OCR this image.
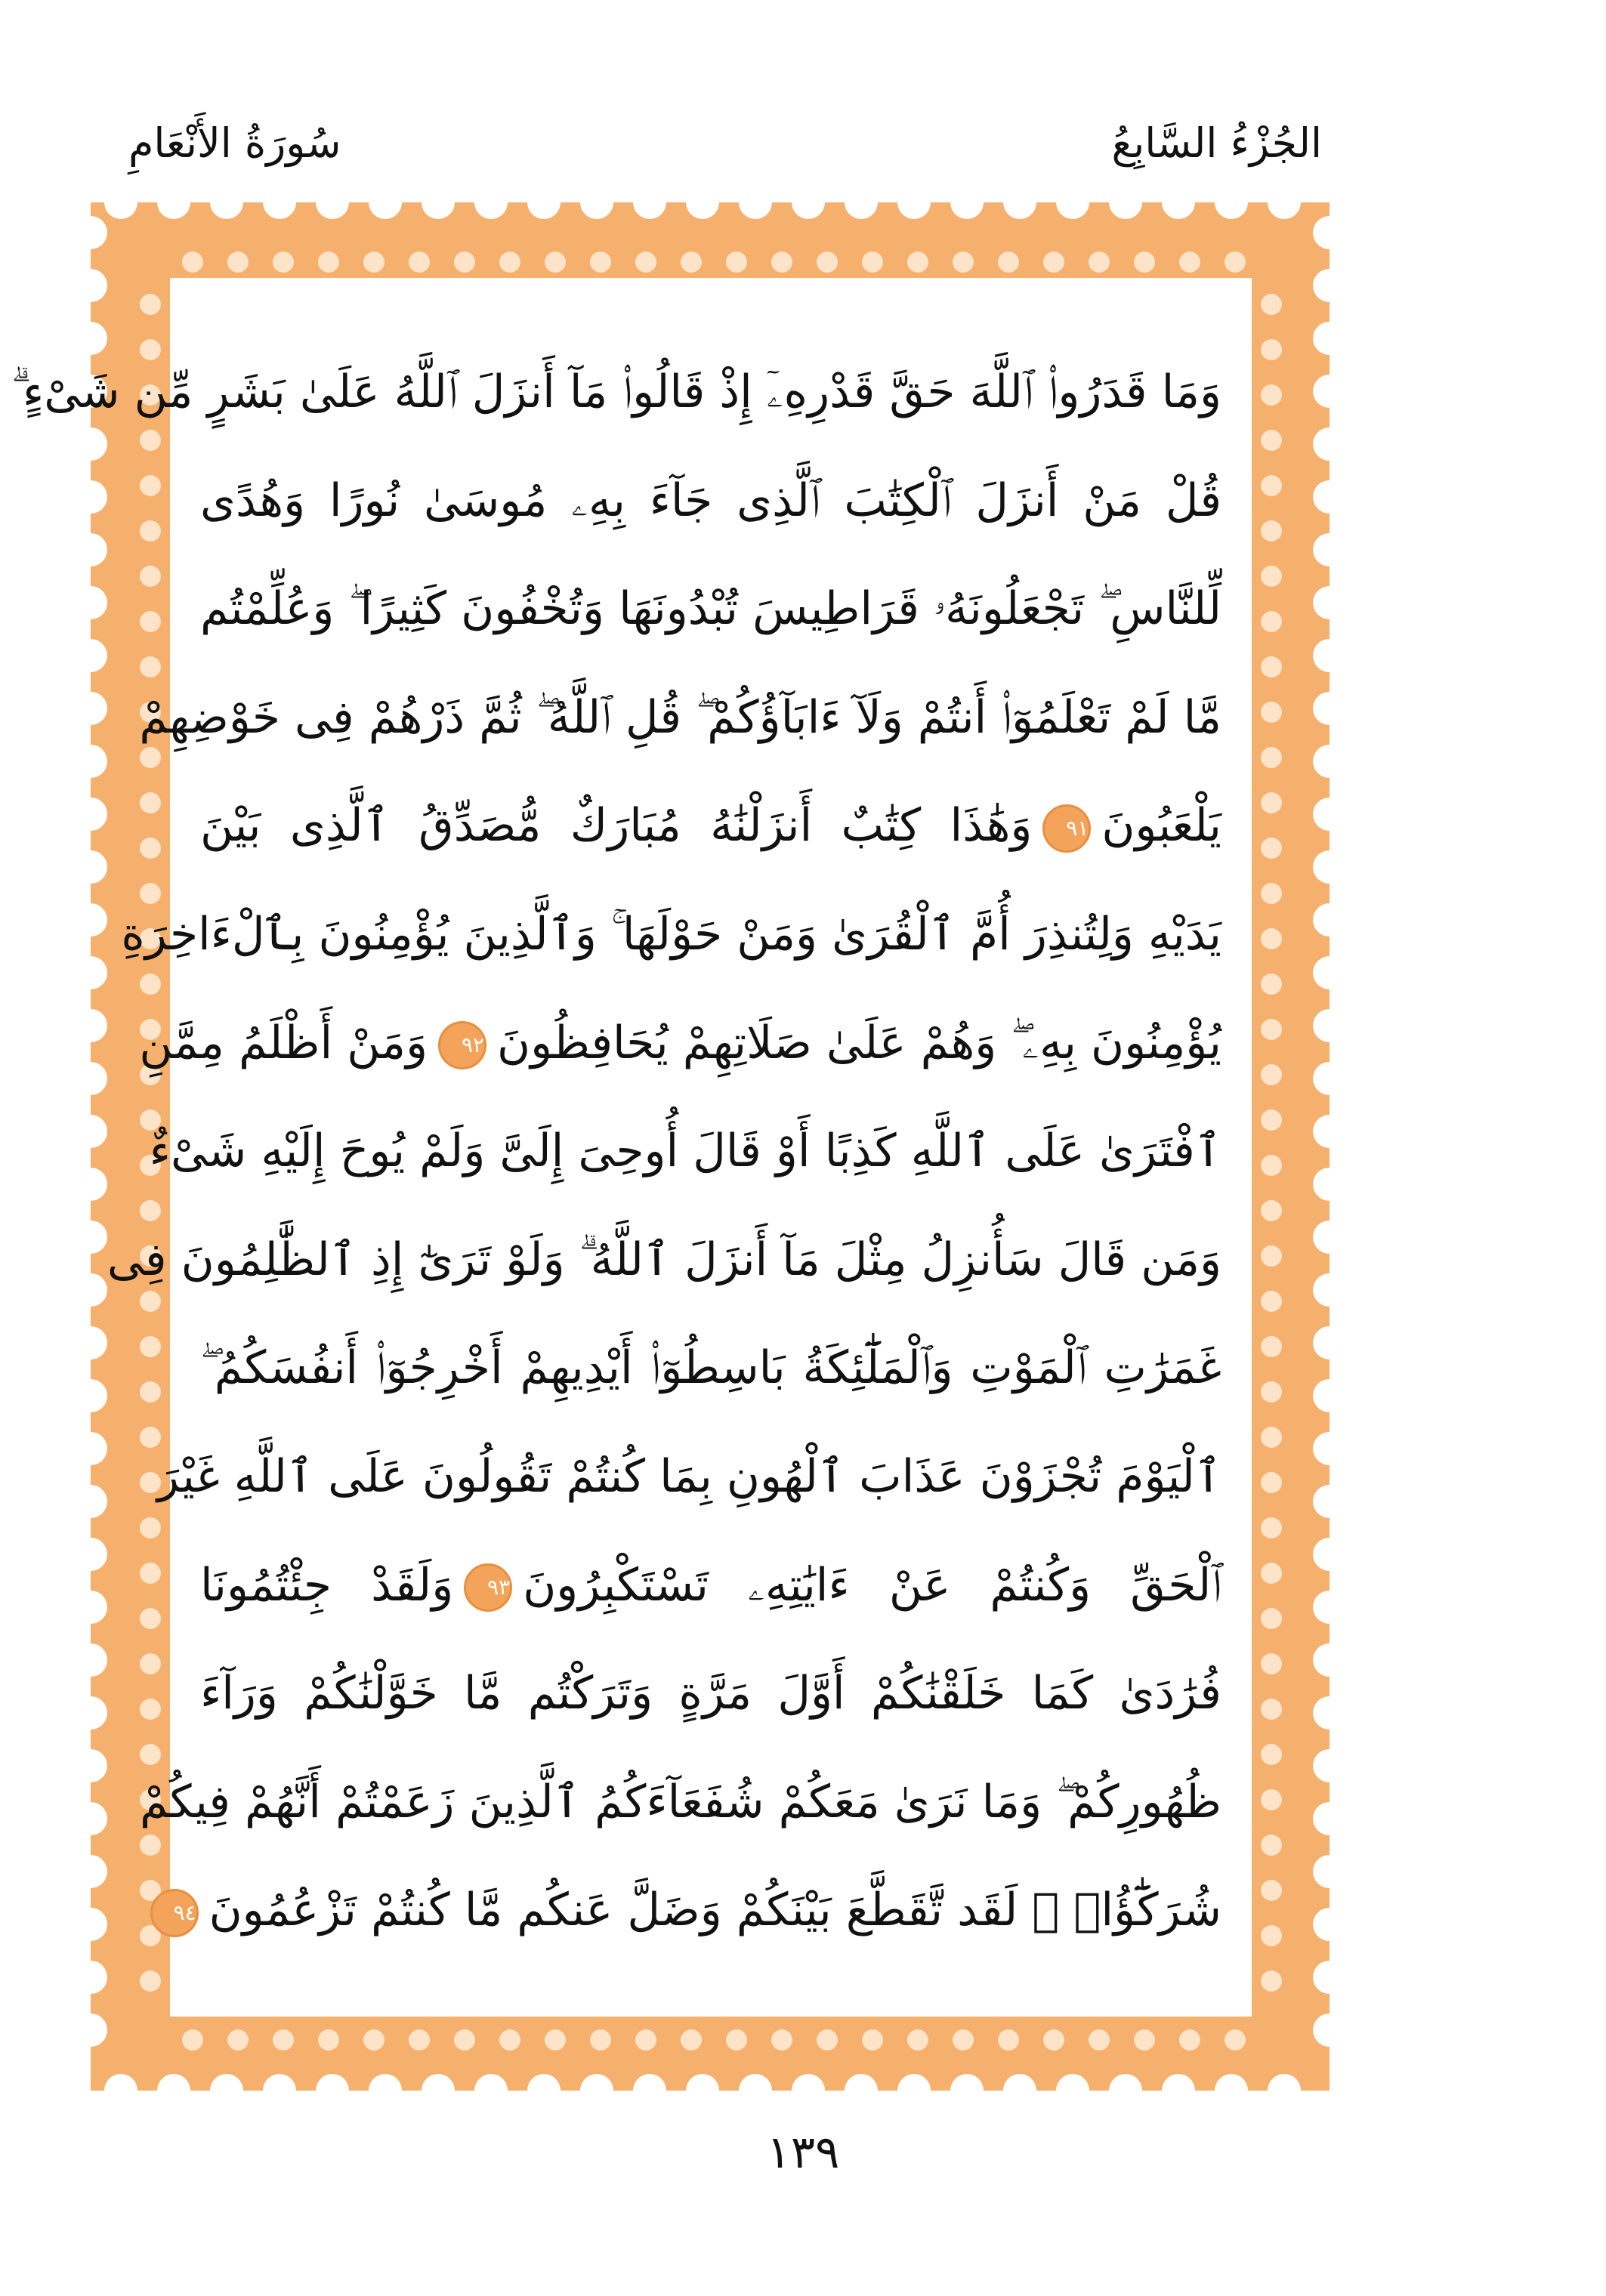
الجُزْءُ السَّابِعُ
سُورَةُ الأَنْعَامِ
وَمَا قَدَرُوا۟ ٱللَّهَ حَقَّ قَدْرِهِۦٓ إِذْ قَالُوا۟ مَآ أَنزَلَ ٱللَّهُ عَلَىٰ بَشَرٍ مِّن شَىْءٍ ۗ
قُلْ مَنْ أَنزَلَ ٱلْكِتَٰبَ ٱلَّذِى جَآءَ بِهِۦ مُوسَىٰ نُورًا وَهُدًى
لِّلنَّاسِ ۖ تَجْعَلُونَهُۥ قَرَاطِيسَ تُبْدُونَهَا وَتُخْفُونَ كَثِيرًا ۖ وَعُلِّمْتُم
مَّا لَمْ تَعْلَمُوٓا۟ أَنتُمْ وَلَآ ءَابَآؤُكُمْ ۖ قُلِ ٱللَّهُ ۖ ثُمَّ ذَرْهُمْ فِى خَوْضِهِمْ
يَلْعَبُونَ٩١وَهَٰذَا كِتَٰبٌ أَنزَلْنَٰهُ مُبَارَكٌ مُّصَدِّقُ ٱلَّذِى بَيْنَ
يَدَيْهِ وَلِتُنذِرَ أُمَّ ٱلْقُرَىٰ وَمَنْ حَوْلَهَا ۚ وَٱلَّذِينَ يُؤْمِنُونَ بِٱلْءَاخِرَةِ
يُؤْمِنُونَ بِهِۦ ۖ وَهُمْ عَلَىٰ صَلَاتِهِمْ يُحَافِظُونَ٩٢وَمَنْ أَظْلَمُ مِمَّنِ
ٱفْتَرَىٰ عَلَى ٱللَّهِ كَذِبًا أَوْ قَالَ أُوحِىَ إِلَىَّ وَلَمْ يُوحَ إِلَيْهِ شَىْءٌ
وَمَن قَالَ سَأُنزِلُ مِثْلَ مَآ أَنزَلَ ٱللَّهُ ۗ وَلَوْ تَرَىٰٓ إِذِ ٱلظَّٰلِمُونَ فِى
غَمَرَٰتِ ٱلْمَوْتِ وَٱلْمَلَٰٓئِكَةُ بَاسِطُوٓا۟ أَيْدِيهِمْ أَخْرِجُوٓا۟ أَنفُسَكُمُ ۖ
ٱلْيَوْمَ تُجْزَوْنَ عَذَابَ ٱلْهُونِ بِمَا كُنتُمْ تَقُولُونَ عَلَى ٱللَّهِ غَيْرَ
ٱلْحَقِّ وَكُنتُمْ عَنْ ءَايَٰتِهِۦ تَسْتَكْبِرُونَ٩٣وَلَقَدْ جِئْتُمُونَا
فُرَٰدَىٰ كَمَا خَلَقْنَٰكُمْ أَوَّلَ مَرَّةٍ وَتَرَكْتُم مَّا خَوَّلْنَٰكُمْ وَرَآءَ
ظُهُورِكُمْ ۖ وَمَا نَرَىٰ مَعَكُمْ شُفَعَآءَكُمُ ٱلَّذِينَ زَعَمْتُمْ أَنَّهُمْ فِيكُمْ
شُرَكَٰٓؤُا۟ ۚ لَقَد تَّقَطَّعَ بَيْنَكُمْ وَضَلَّ عَنكُم مَّا كُنتُمْ تَزْعُمُونَ٩٤
١٣٩
